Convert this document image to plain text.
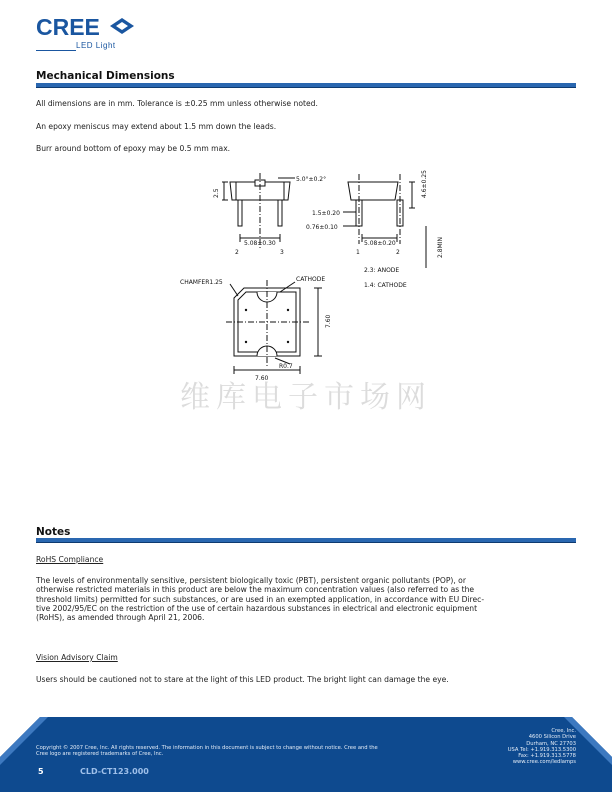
CREE
LED Light
Mechanical Dimensions
All dimensions are in mm. Tolerance is ±0.25 mm unless otherwise noted.
An epoxy meniscus may extend about 1.5 mm down the leads.
Burr around bottom of epoxy may be 0.5 mm max.
2.5
5.0°±0.2°
5.08±0.30
2	3
1.5±0.20
0.76±0.10
5.08±0.20
4.6±0.25
2.8MIN
1	2
2.3: ANODE
1.4: CATHODE
CHAMFER1.25	CATHODE
R0.7
7.60
7.60
维库电子市场网
Notes
RoHS Compliance
The levels of environmentally sensitive, persistent biologically toxic (PBT), persistent organic pollutants (POP), or
otherwise restricted materials in this product are below the maximum concentration values (also referred to as the
threshold limits) permitted for such substances, or are used in an exempted application, in accordance with EU Direc-
tive 2002/95/EC on the restriction of the use of certain hazardous substances in electrical and electronic equipment
(RoHS), as amended through April 21, 2006.
Vision Advisory Claim
Users should be cautioned not to stare at the light of this LED product. The bright light can damage the eye.
Copyright © 2007 Cree, Inc. All rights reserved. The information in this document is subject to change without notice. Cree and the
Cree logo are registered trademarks of Cree, Inc.
Cree, Inc.
4600 Silicon Drive
Durham, NC 27703
USA Tel: +1.919.313.5300
Fax: +1.919.313.5778
www.cree.com/ledlamps
5	CLD-CT123.000
